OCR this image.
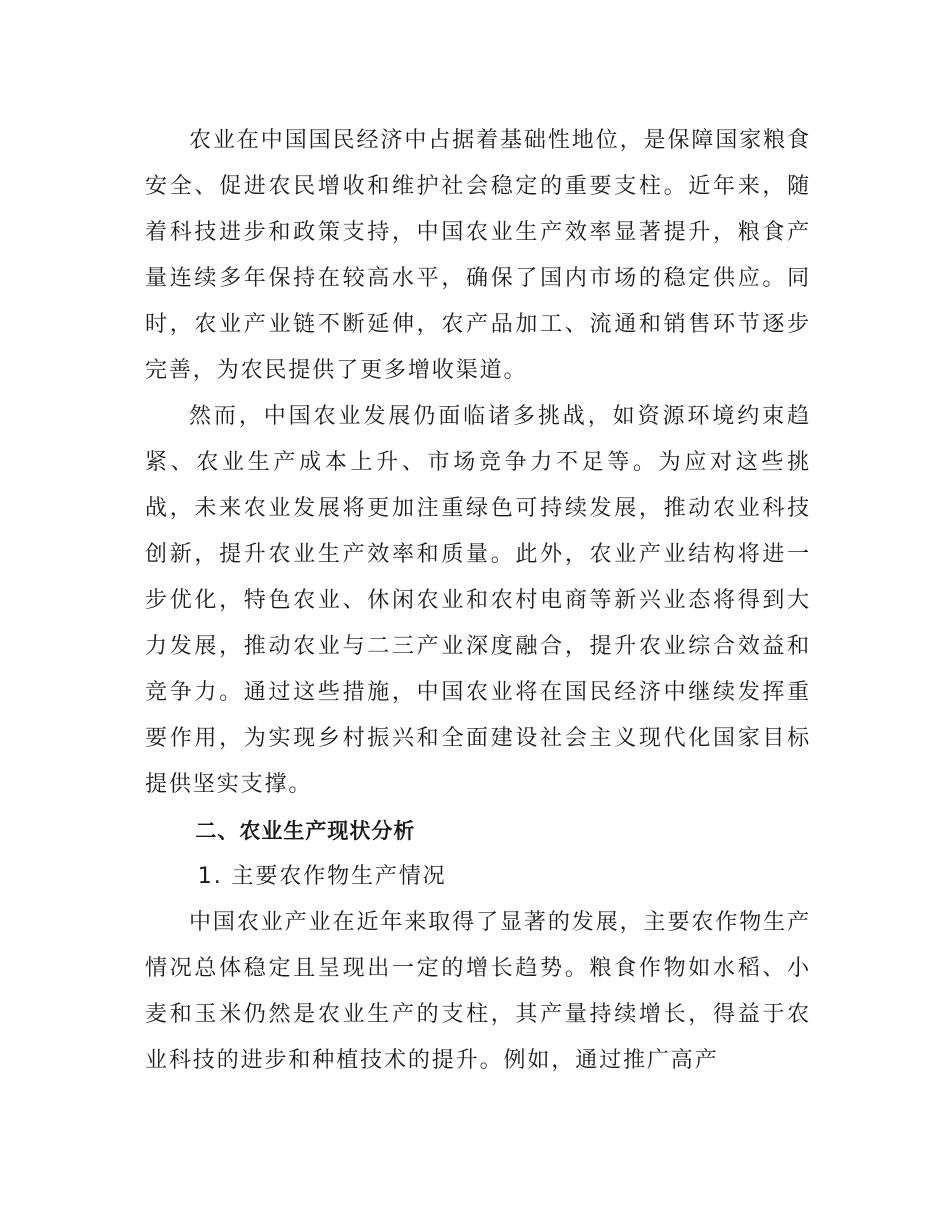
农业在中国国民经济中占据着基础性地位，是保障国家粮食安全、促进农民增收和维护社会稳定的重要支柱。近年来，随着科技进步和政策支持，中国农业生产效率显著提升，粮食产量连续多年保持在较高水平，确保了国内市场的稳定供应。同时，农业产业链不断延伸，农产品加工、流通和销售环节逐步完善，为农民提供了更多增收渠道。

然而，中国农业发展仍面临诸多挑战，如资源环境约束趋紧、农业生产成本上升、市场竞争力不足等。为应对这些挑战，未来农业发展将更加注重绿色可持续发展，推动农业科技创新，提升农业生产效率和质量。此外，农业产业结构将进一步优化，特色农业、休闲农业和农村电商等新兴业态将得到大力发展，推动农业与二三产业深度融合，提升农业综合效益和竞争力。通过这些措施，中国农业将在国民经济中继续发挥重要作用，为实现乡村振兴和全面建设社会主义现代化国家目标提供坚实支撑。

二、农业生产现状分析

1. 主要农作物生产情况

中国农业产业在近年来取得了显著的发展，主要农作物生产情况总体稳定且呈现出一定的增长趋势。粮食作物如水稻、小麦和玉米仍然是农业生产的支柱，其产量持续增长，得益于农业科技的进步和种植技术的提升。例如，通过推广高产
